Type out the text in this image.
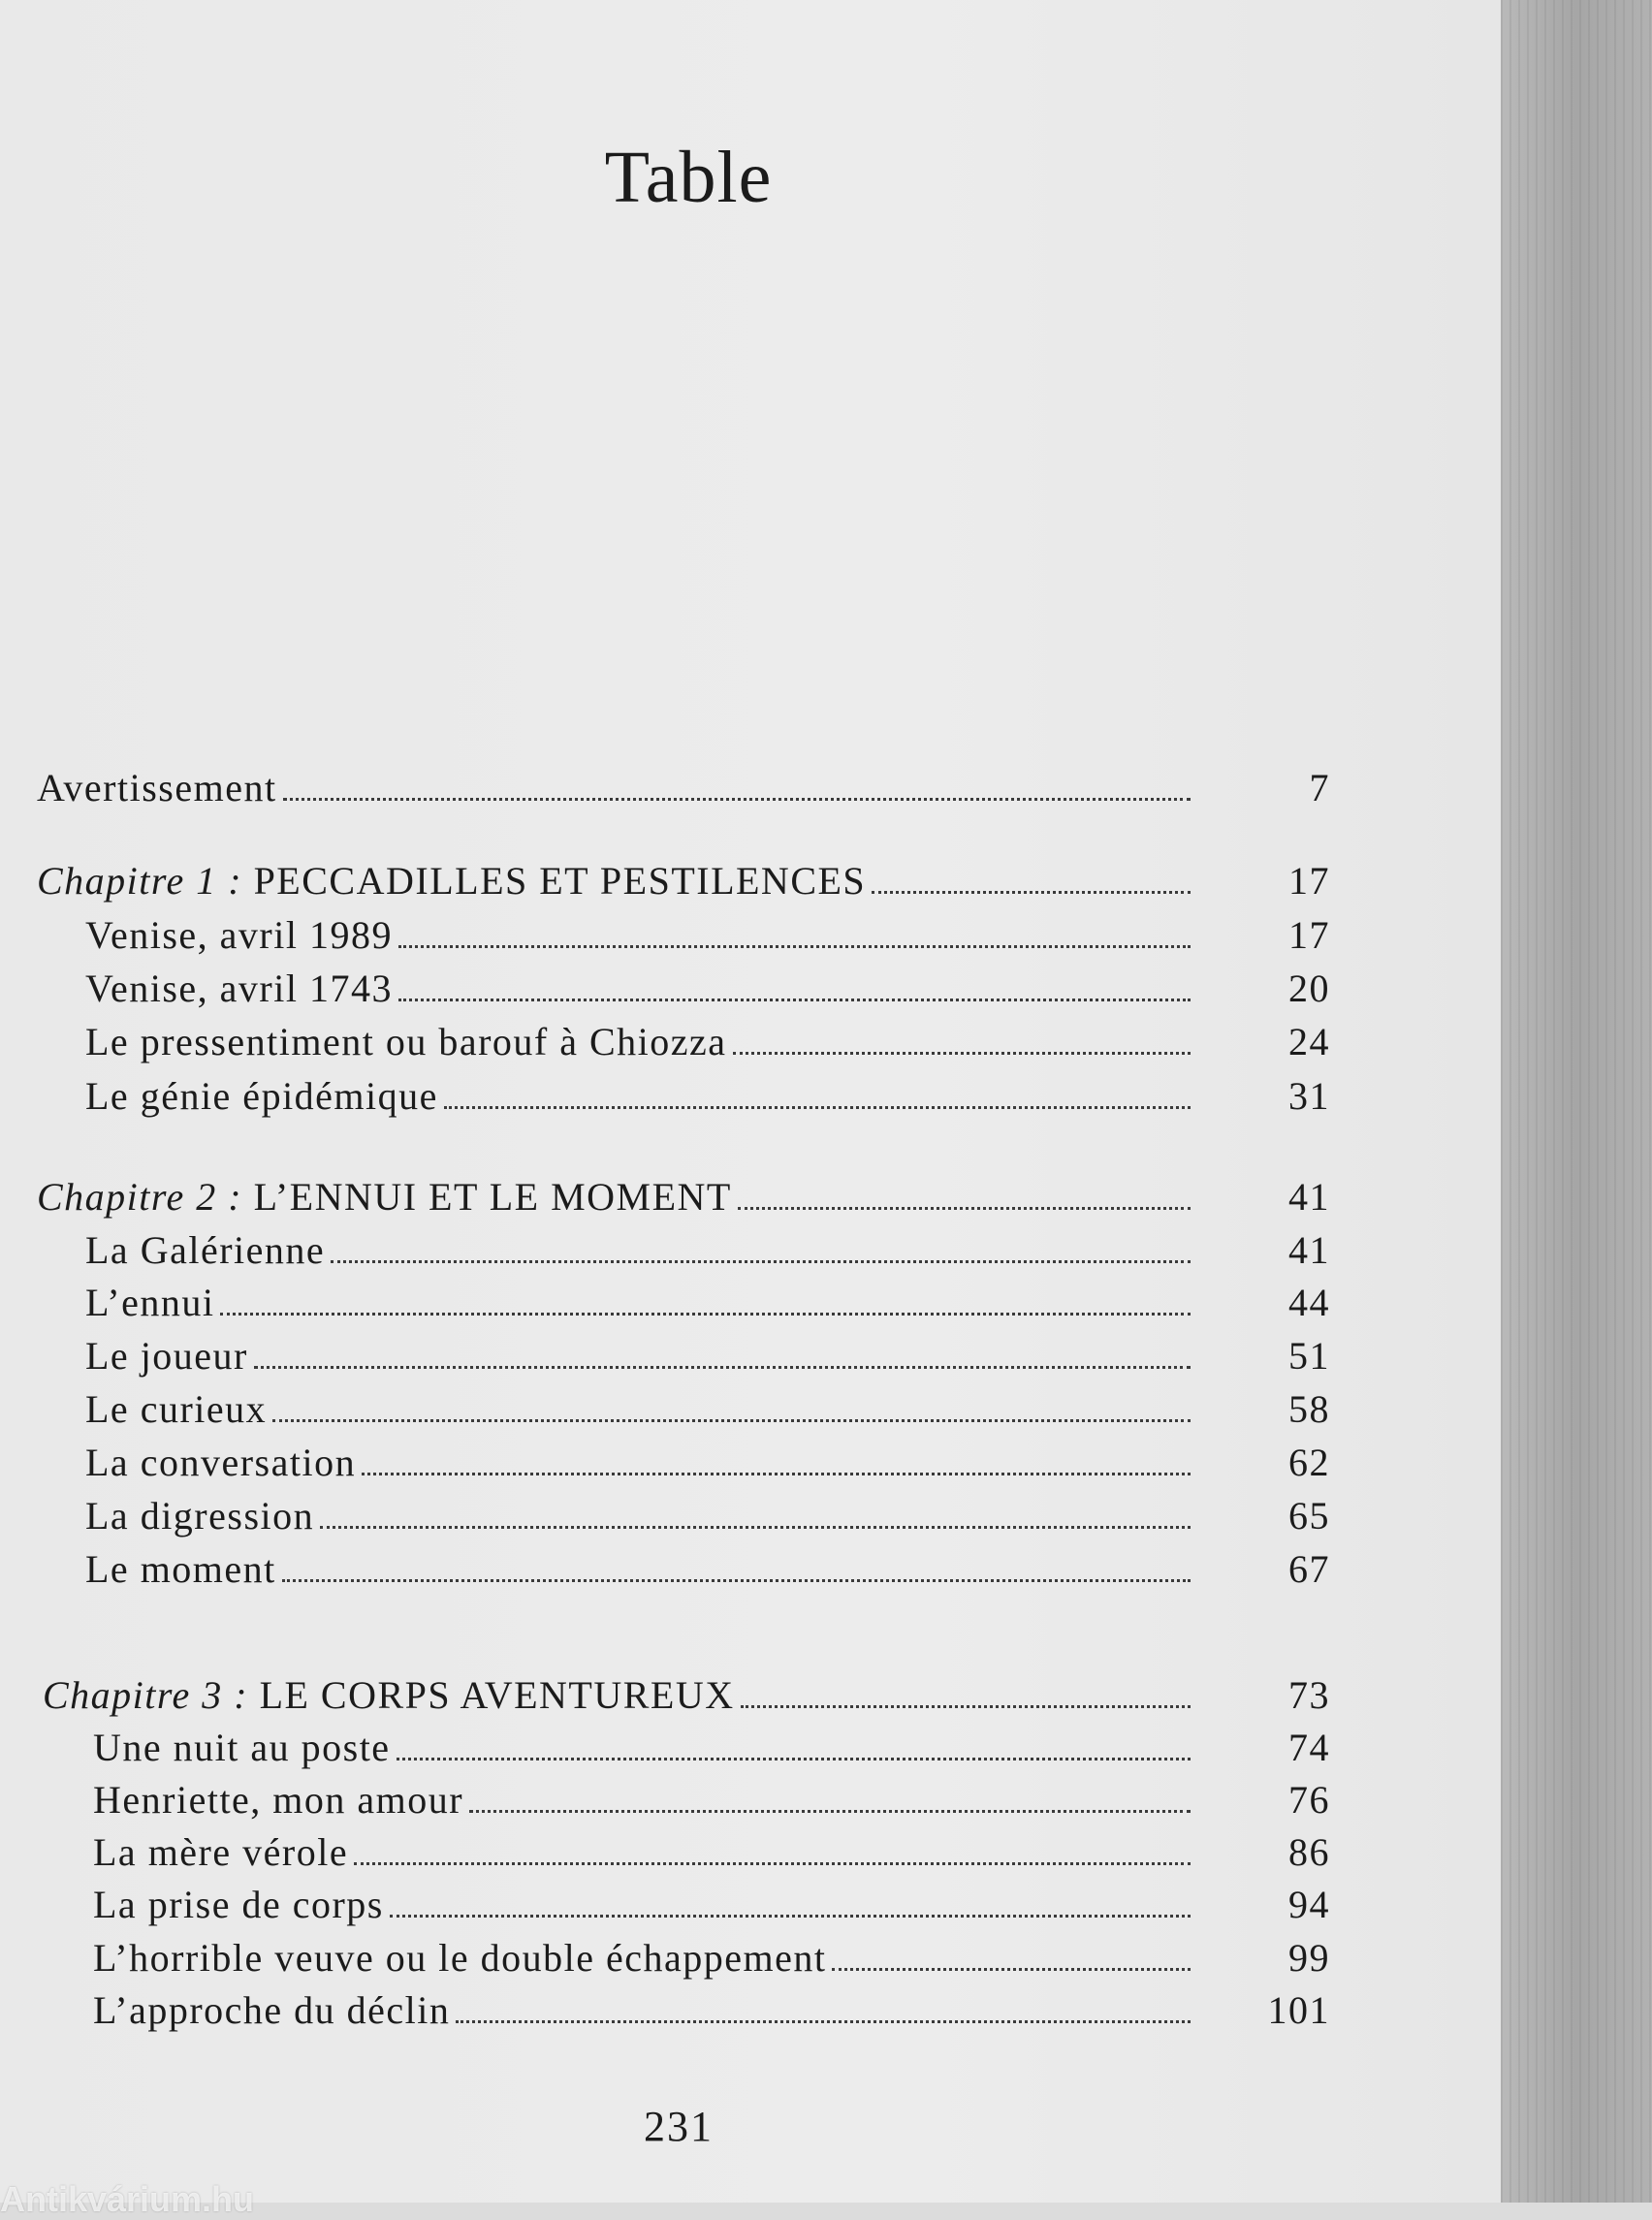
Table
Avertissement	7
Chapitre 1 : PECCADILLES ET PESTILENCES	17
Venise, avril 1989	17
Venise, avril 1743	20
Le pressentiment ou barouf à Chiozza	24
Le génie épidémique	31
Chapitre 2 : L’ENNUI ET LE MOMENT	41
La Galérienne	41
L’ennui	44
Le joueur	51
Le curieux	58
La conversation	62
La digression	65
Le moment	67
Chapitre 3 : LE CORPS AVENTUREUX	73
Une nuit au poste	74
Henriette, mon amour	76
La mère vérole	86
La prise de corps	94
L’horrible veuve ou le double échappement	99
L’approche du déclin	101
231
Antikvárium.hu
